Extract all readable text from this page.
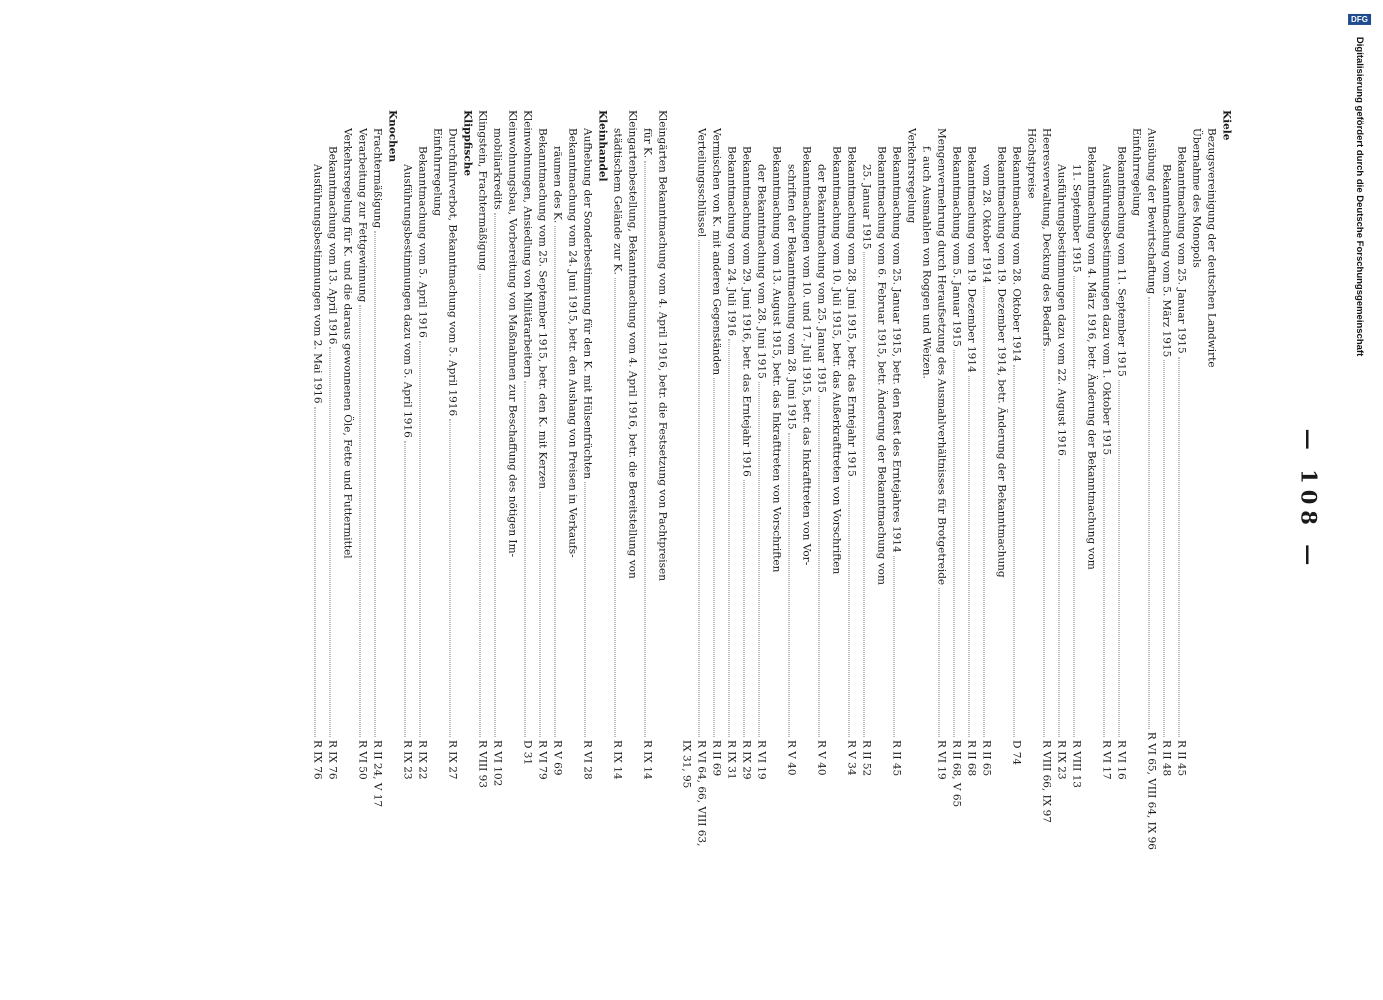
DFG
Digitalisierung gefördert durch die Deutsche Forschungsgemeinschaft
— 108 —
Kiele
Bezugsvereinigung der deutschen Landwirte
Übernahme des Monopols
Bekanntmachung vom 25. Januar 1915
R II 45
Bekanntmachung vom 5. März 1915
R II 48
Ausübung der Bewirtschaftung
R VI 65, VIII 64, IX 96
Einfuhrregelung
Bekanntmachung vom 11. September 1915
R VI 16
Ausführungsbestimmungen dazu vom 1. Oktober 1915
R VI 17
Bekanntmachung vom 4. März 1916, betr. Änderung der Bekanntmachung vom
11. September 1915
R VIII 13
Ausführungsbestimmungen dazu vom 22. August 1916
R IX 23
Heeresverwaltung, Deckung des Bedarfs
R VIII 66, IX 97
Höchstpreise
Bekanntmachung vom 28. Oktober 1914
D 74
Bekanntmachung vom 19. Dezember 1914, betr. Änderung der Bekanntmachung
vom 28. Oktober 1914
R II 65
Bekanntmachung vom 19. Dezember 1914
R II 68
Bekanntmachung vom 5. Januar 1915
R II 68, V 65
Mengenvermehrung durch Heraufsetzung des Ausmahlverhältnisses für Brotgetreide
R VI 19
f. auch Ausmahlen von Roggen und Weizen.
Verkehrsregelung
Bekanntmachung vom 25. Januar 1915, betr. den Rest des Erntejahres 1914
R II 45
Bekanntmachung vom 6. Februar 1915, betr. Änderung der Bekanntmachung vom
25. Januar 1915
R II 52
Bekanntmachung vom 28. Juni 1915, betr. das Erntejahr 1915
R V 34
Bekanntmachung vom 10. Juli 1915, betr. das Außerkrafttreten von Vorschriften
der Bekanntmachung vom 25. Januar 1915
R V 40
Bekanntmachungen vom 10. und 17. Juli 1915, betr. das Inkrafttreten von Vor-
schriften der Bekanntmachung vom 28. Juni 1915
R V 40
Bekanntmachung vom 13. August 1915, betr. das Inkrafttreten von Vorschriften
der Bekanntmachung vom 28. Juni 1915
R VI 19
Bekanntmachung vom 29. Juni 1916, betr. das Erntejahr 1916
R IX 29
Bekanntmachung vom 24. Juli 1916
R IX 31
Vermischen von K. mit anderen Gegenständen
R II 69
Verteilungsschlüssel
R VI 64, 66, VIII 63,
IX 31, 95
Kleingärten Bekanntmachung vom 4. April 1916, betr. die Festsetzung von Pachtpreisen
für K.
R IX 14
Kleingartenbestellung, Bekanntmachung vom 4. April 1916, betr. die Bereitstellung von
städtischem Gelände zur K.
R IX 14
Kleinhandel
Aufhebung der Sonderbestimmung für den K. mit Hülsenfrüchten
R VI 28
Bekanntmachung vom 24. Juni 1915, betr. den Aushang von Preisen in Verkaufs-
räumen des K.
R V 69
Bekanntmachung vom 25. September 1915, betr. den K. mit Kerzen
R VI 79
Kleinwohnungen, Ansiedlung von Militärarbeitern
D 31
Kleinwohnungsbau, Vorbereitung von Maßnahmen zur Beschaffung des nötigen Im-
mobiliarkredits
R VI 102
Klingstein, Frachtermäßigung
R VIII 93
Klippfische
Durchfuhrverbot, Bekanntmachung vom 5. April 1916
R IX 27
Einfuhrregelung
Bekanntmachung vom 5. April 1916
R IX 22
Ausführungsbestimmungen dazu vom 5. April 1916
R IX 23
Knochen
Frachtermäßigung
R II 24, V 17
Verarbeitung zur Fettgewinnung
R VI 50
Verkehrsregelung für K. und die daraus gewonnenen Öle, Fette und Futtermittel
Bekanntmachung vom 13. April 1916
R IX 76
Ausführungsbestimmungen vom 2. Mai 1916
R IX 76
